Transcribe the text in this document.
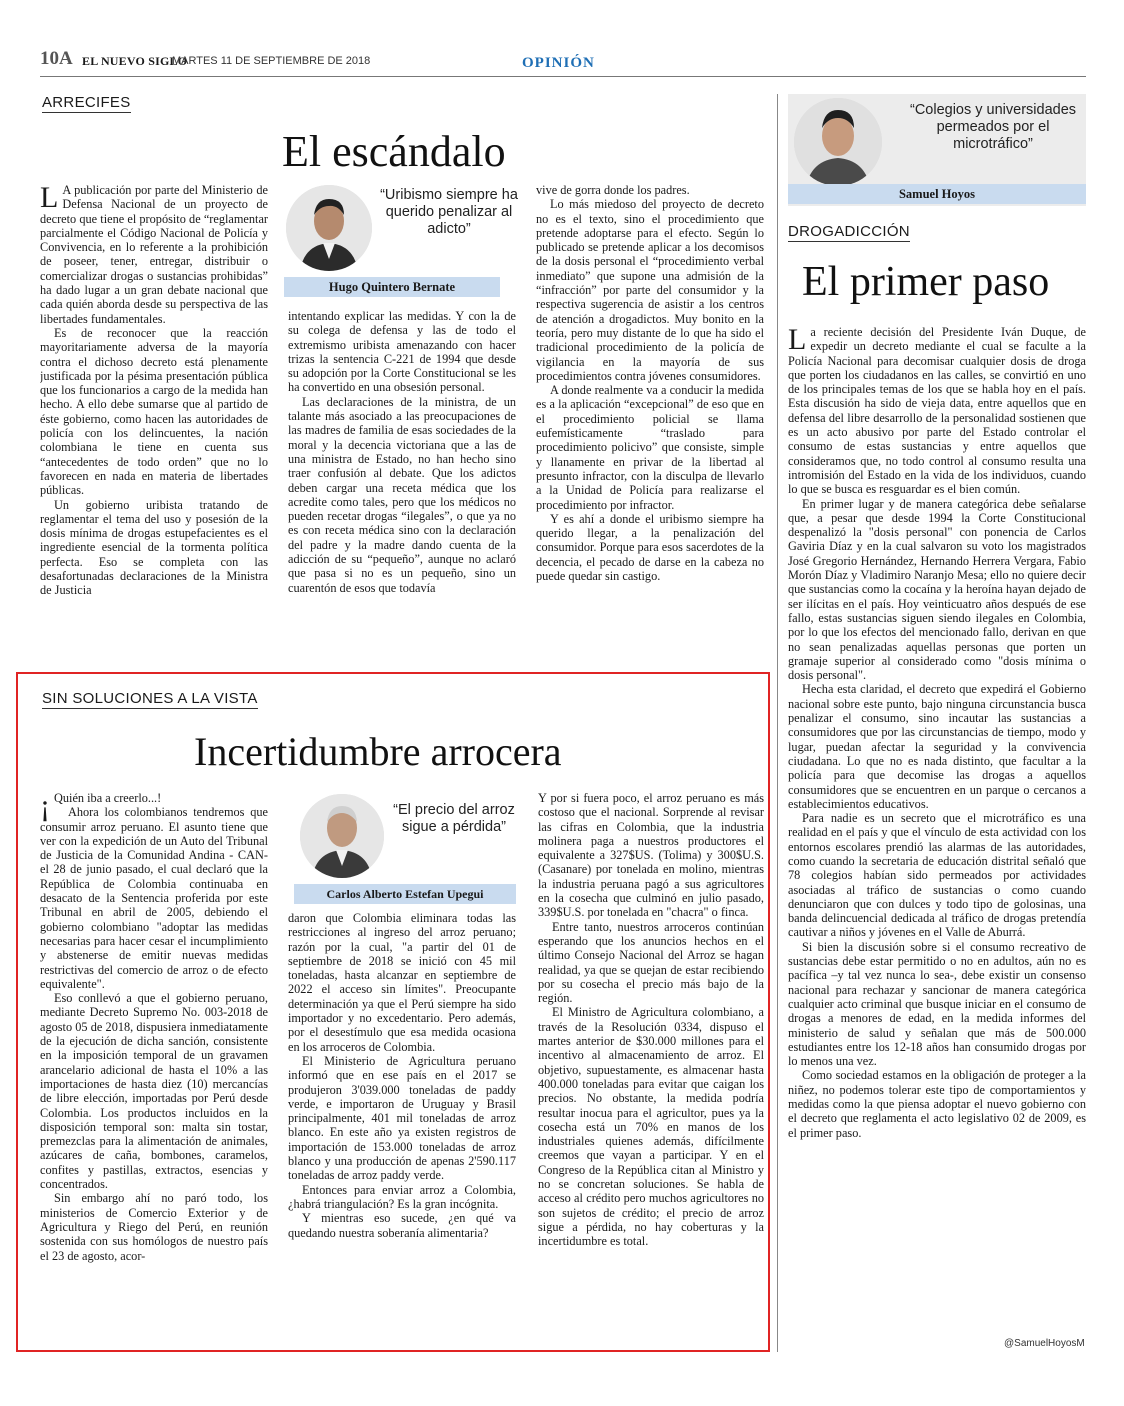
10A EL NUEVO SIGLO
MARTES 11 DE SEPTIEMBRE DE 2018	OPINIÓN
ARRECIFES
El escándalo

L A publicación por parte del Ministerio de Defensa Nacional de un proyecto de decreto que tiene el propósito de “reglamentar parcialmente el Código Nacional de Policía y Convivencia, en lo referente a la prohibición de poseer, tener, entregar, distribuir o comercializar drogas o sustancias prohibidas” ha dado lugar a un gran debate nacional que cada quién aborda desde su perspectiva de las libertades fundamentales.

Es de reconocer que la reacción mayoritariamente adversa de la mayoría contra el dichoso decreto está plenamente justificada por la pésima presentación pública que los funcionarios a cargo de la medida han hecho. A ello debe sumarse que al partido de éste gobierno, como hacen las autoridades de policía con los delincuentes, la nación colombiana le tiene en cuenta sus “antecedentes de todo orden” que no lo favorecen en nada en materia de libertades públicas.

Un gobierno uribista tratando de reglamentar el tema del uso y posesión de la dosis mínima de drogas estupefacientes es el ingrediente esencial de la tormenta política perfecta. Eso se completa con las desafortunadas declaraciones de la Ministra de Justicia

“Uribismo siempre ha querido penalizar al adicto”
Hugo Quintero Bernate

intentando explicar las medidas. Y con la de su colega de defensa y las de todo el extremismo uribista amenazando con hacer trizas la sentencia C-221 de 1994 que desde su adopción por la Corte Constitucional se les ha convertido en una obsesión personal.

Las declaraciones de la ministra, de un talante más asociado a las preocupaciones de las madres de familia de esas sociedades de la moral y la decencia victoriana que a las de una ministra de Estado, no han hecho sino traer confusión al debate. Que los adictos deben cargar una receta médica que los acredite como tales, pero que los médicos no pueden recetar drogas “ilegales”, o que ya no es con receta médica sino con la declaración del padre y la madre dando cuenta de la adicción de su “pequeño”, aunque no aclaró que pasa si no es un pequeño, sino un cuarentón de esos que todavía

vive de gorra donde los padres.

Lo más miedoso del proyecto de decreto no es el texto, sino el procedimiento que pretende adoptarse para el efecto. Según lo publicado se pretende aplicar a los decomisos de la dosis personal el “procedimiento verbal inmediato” que supone una admisión de la “infracción” por parte del consumidor y la respectiva sugerencia de asistir a los centros de atención a drogadictos. Muy bonito en la teoría, pero muy distante de lo que ha sido el tradicional procedimiento de la policía de vigilancia en la mayoría de sus procedimientos contra jóvenes consumidores.

A donde realmente va a conducir la medida es a la aplicación “excepcional” de eso que en el procedimiento policial se llama eufemísticamente “traslado para procedimiento policivo” que consiste, simple y llanamente en privar de la libertad al presunto infractor, con la disculpa de llevarlo a la Unidad de Policía para realizarse el procedimiento por infractor.

Y es ahí a donde el uribismo siempre ha querido llegar, a la penalización del consumidor. Porque para esos sacerdotes de la decencia, el pecado de darse en la cabeza no puede quedar sin castigo.

SIN SOLUCIONES A LA VISTA
Incertidumbre arrocera

¡ Quién iba a creerlo...!

Ahora los colombianos tendremos que consumir arroz peruano. El asunto tiene que ver con la expedición de un Auto del Tribunal de Justicia de la Comunidad Andina - CAN- el 28 de junio pasado, el cual declaró que la República de Colombia continuaba en desacato de la Sentencia proferida por este Tribunal en abril de 2005, debiendo el gobierno colombiano "adoptar las medidas necesarias para hacer cesar el incumplimiento y abstenerse de emitir nuevas medidas restrictivas del comercio de arroz o de efecto equivalente".

Eso conllevó a que el gobierno peruano, mediante Decreto Supremo No. 003-2018 de agosto 05 de 2018, dispusiera inmediatamente de la ejecución de dicha sanción, consistente en la imposición temporal de un gravamen arancelario adicional de hasta el 10% a las importaciones de hasta diez (10) mercancías de libre elección, importadas por Perú desde Colombia. Los productos incluidos en la disposición temporal son: malta sin tostar, premezclas para la alimentación de animales, azúcares de caña, bombones, caramelos, confites y pastillas, extractos, esencias y concentrados.

Sin embargo ahí no paró todo, los ministerios de Comercio Exterior y de Agricultura y Riego del Perú, en reunión sostenida con sus homólogos de nuestro país el 23 de agosto, acor-

“El precio del arroz sigue a pérdida”
Carlos Alberto Estefan Upegui

daron que Colombia eliminara todas las restricciones al ingreso del arroz peruano; razón por la cual, "a partir del 01 de septiembre de 2018 se inició con 45 mil toneladas, hasta alcanzar en septiembre de 2022 el acceso sin límites". Preocupante determinación ya que el Perú siempre ha sido importador y no excedentario. Pero además, por el desestímulo que esa medida ocasiona en los arroceros de Colombia.

El Ministerio de Agricultura peruano informó que en ese país en el 2017 se produjeron 3'039.000 toneladas de paddy verde, e importaron de Uruguay y Brasil principalmente, 401 mil toneladas de arroz blanco. En este año ya existen registros de importación de 153.000 toneladas de arroz blanco y una producción de apenas 2'590.117 toneladas de arroz paddy verde.

Entonces para enviar arroz a Colombia, ¿habrá triangulación? Es la gran incógnita.

Y mientras eso sucede, ¿en qué va quedando nuestra soberanía alimentaria?

Y por si fuera poco, el arroz peruano es más costoso que el nacional. Sorprende al revisar las cifras en Colombia, que la industria molinera paga a nuestros productores el equivalente a 327$US. (Tolima) y 300$U.S. (Casanare) por tonelada en molino, mientras la industria peruana pagó a sus agricultores en la cosecha que culminó en julio pasado, 339$U.S. por tonelada en "chacra" o finca.

Entre tanto, nuestros arroceros continúan esperando que los anuncios hechos en el último Consejo Nacional del Arroz se hagan realidad, ya que se quejan de estar recibiendo por su cosecha el precio más bajo de la región.

El Ministro de Agricultura colombiano, a través de la Resolución 0334, dispuso el martes anterior de $30.000 millones para el incentivo al almacenamiento de arroz. El objetivo, supuestamente, es almacenar hasta 400.000 toneladas para evitar que caigan los precios. No obstante, la medida podría resultar inocua para el agricultor, pues ya la cosecha está un 70% en manos de los industriales quienes además, difícilmente creemos que vayan a participar. Y en el Congreso de la República citan al Ministro y no se concretan soluciones. Se habla de acceso al crédito pero muchos agricultores no son sujetos de crédito; el precio de arroz sigue a pérdida, no hay coberturas y la incertidumbre es total.

“Colegios y universidades permeados por el microtráfico”
Samuel Hoyos
DROGADICCIÓN
El primer paso

La reciente decisión del Presidente Iván Duque, de expedir un decreto mediante el cual se faculte a la Policía Nacional para decomisar cualquier dosis de droga que porten los ciudadanos en las calles, se convirtió en uno de los principales temas de los que se habla hoy en el país. Esta discusión ha sido de vieja data, entre aquellos que en defensa del libre desarrollo de la personalidad sostienen que es un acto abusivo por parte del Estado controlar el consumo de estas sustancias y entre aquellos que consideramos que, no todo control al consumo resulta una intromisión del Estado en la vida de los individuos, cuando lo que se busca es resguardar es el bien común.

En primer lugar y de manera categórica debe señalarse que, a pesar que desde 1994 la Corte Constitucional despenalizó la "dosis personal" con ponencia de Carlos Gaviria Díaz y en la cual salvaron su voto los magistrados José Gregorio Hernández, Hernando Herrera Vergara, Fabio Morón Díaz y Vladimiro Naranjo Mesa; ello no quiere decir que sustancias como la cocaína y la heroína hayan dejado de ser ilícitas en el país. Hoy veinticuatro años después de ese fallo, estas sustancias siguen siendo ilegales en Colombia, por lo que los efectos del mencionado fallo, derivan en que no sean penalizadas aquellas personas que porten un gramaje superior al considerado como "dosis mínima o dosis personal".

Hecha esta claridad, el decreto que expedirá el Gobierno nacional sobre este punto, bajo ninguna circunstancia busca penalizar el consumo, sino incautar las sustancias a consumidores que por las circunstancias de tiempo, modo y lugar, puedan afectar la seguridad y la convivencia ciudadana. Lo que no es nada distinto, que facultar a la policía para que decomise las drogas a aquellos consumidores que se encuentren en un parque o cercanos a establecimientos educativos.

Para nadie es un secreto que el microtráfico es una realidad en el país y que el vínculo de esta actividad con los entornos escolares prendió las alarmas de las autoridades, como cuando la secretaria de educación distrital señaló que 78 colegios habían sido permeados por actividades asociadas al tráfico de sustancias o como cuando denunciaron que con dulces y todo tipo de golosinas, una banda delincuencial dedicada al tráfico de drogas pretendía cautivar a niños y jóvenes en el Valle de Aburrá.

Si bien la discusión sobre si el consumo recreativo de sustancias debe estar permitido o no en adultos, aún no es pacífica –y tal vez nunca lo sea-, debe existir un consenso nacional para rechazar y sancionar de manera categórica cualquier acto criminal que busque iniciar en el consumo de drogas a menores de edad, en la medida informes del ministerio de salud y señalan que más de 500.000 estudiantes entre los 12-18 años han consumido drogas por lo menos una vez.

Como sociedad estamos en la obligación de proteger a la niñez, no podemos tolerar este tipo de comportamientos y medidas como la que piensa adoptar el nuevo gobierno con el decreto que reglamenta el acto legislativo 02 de 2009, es el primer paso.

@SamuelHoyosM
